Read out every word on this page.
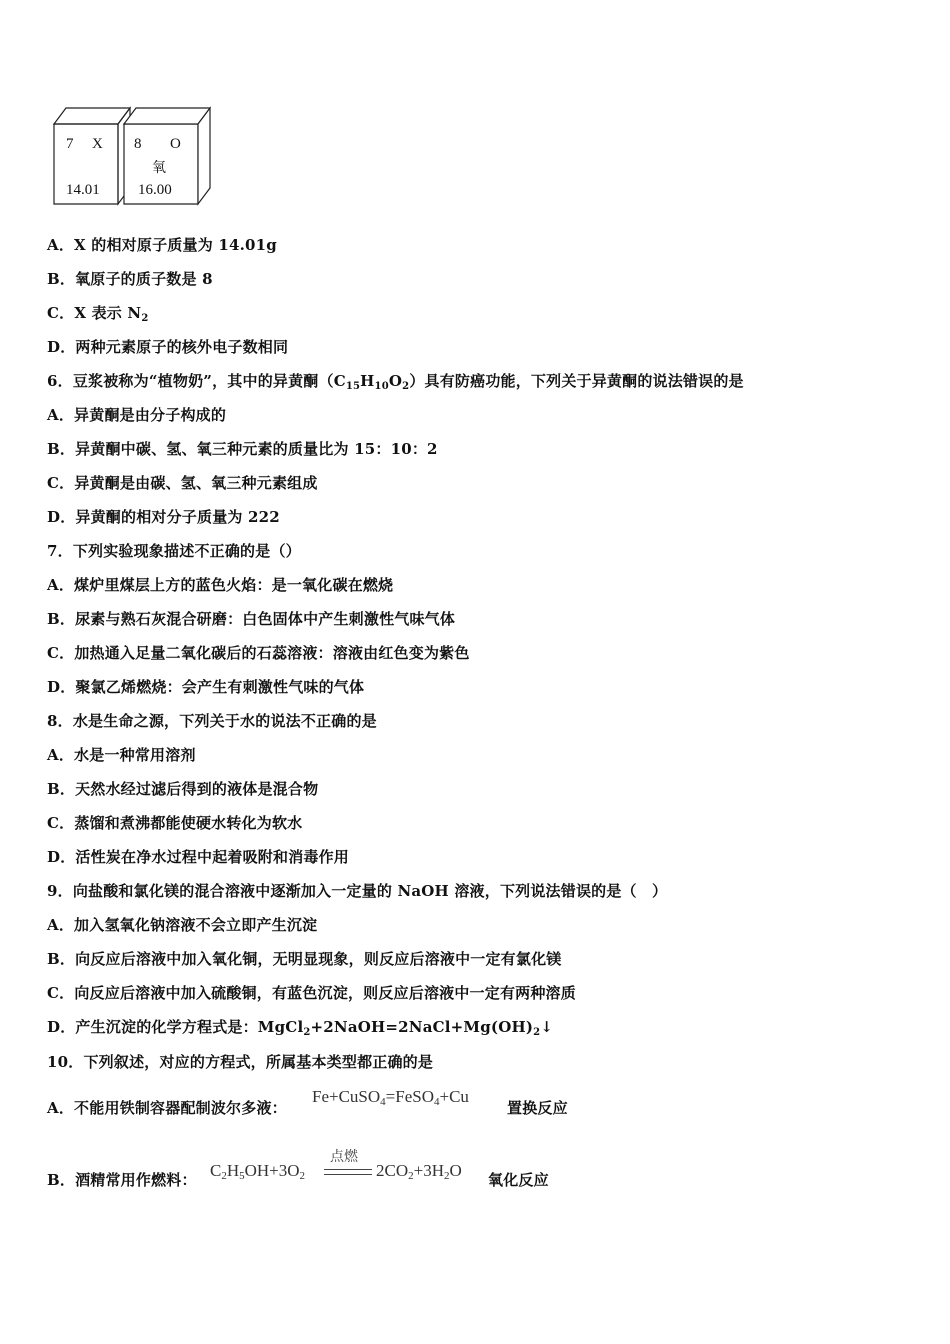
7 X
14.01
8 O
氧
16.00
A．X 的相对原子质量为 14.01g
B．氧原子的质子数是 8
C．X 表示 $N_2$
D．两种元素原子的核外电子数相同
6．豆浆被称为“植物奶”，其中的异黄酮$(C_{15}H_{10}O_2)$具有防癌功能，下列关于异黄酮的说法错误的是
A．异黄酮是由分子构成的
B．异黄酮中碳、氢、氧三种元素的质量比为 15：10：2
C．异黄酮是由碳、氢、氧三种元素组成
D．异黄酮的相对分子质量为 222
7．下列实验现象描述不正确的是（）
A．煤炉里煤层上方的蓝色火焰：是一氧化碳在燃烧
B．尿素与熟石灰混合研磨：白色固体中产生刺激性气味气体
C．加热通入足量二氧化碳后的石蕊溶液：溶液由红色变为紫色
D．聚氯乙烯燃烧：会产生有刺激性气味的气体
8．水是生命之源，下列关于水的说法不正确的是
A．水是一种常用溶剂
B．天然水经过滤后得到的液体是混合物
C．蒸馏和煮沸都能使硬水转化为软水
D．活性炭在净水过程中起着吸附和消毒作用
9．向盐酸和氯化镁的混合溶液中逐渐加入一定量的 NaOH 溶液，下列说法错误的是（　）
A．加入氢氧化钠溶液不会立即产生沉淀
B．向反应后溶液中加入氧化铜，无明显现象，则反应后溶液中一定有氯化镁
C．向反应后溶液中加入硫酸铜，有蓝色沉淀，则反应后溶液中一定有两种溶质
D．产生沉淀的化学方程式是：$MgCl_2+2NaOH=2NaCl+Mg(OH)_2↓$
10．下列叙述，对应的方程式，所属基本类型都正确的是
A．不能用铁制容器配制波尔多液：
Fe+CuSO$_4$=FeSO$_4$+Cu
置换反应
B．酒精常用作燃料： $C_2H_5OH+3O_2$
点燃
$2CO_2+3H_2O$ 氧化反应
